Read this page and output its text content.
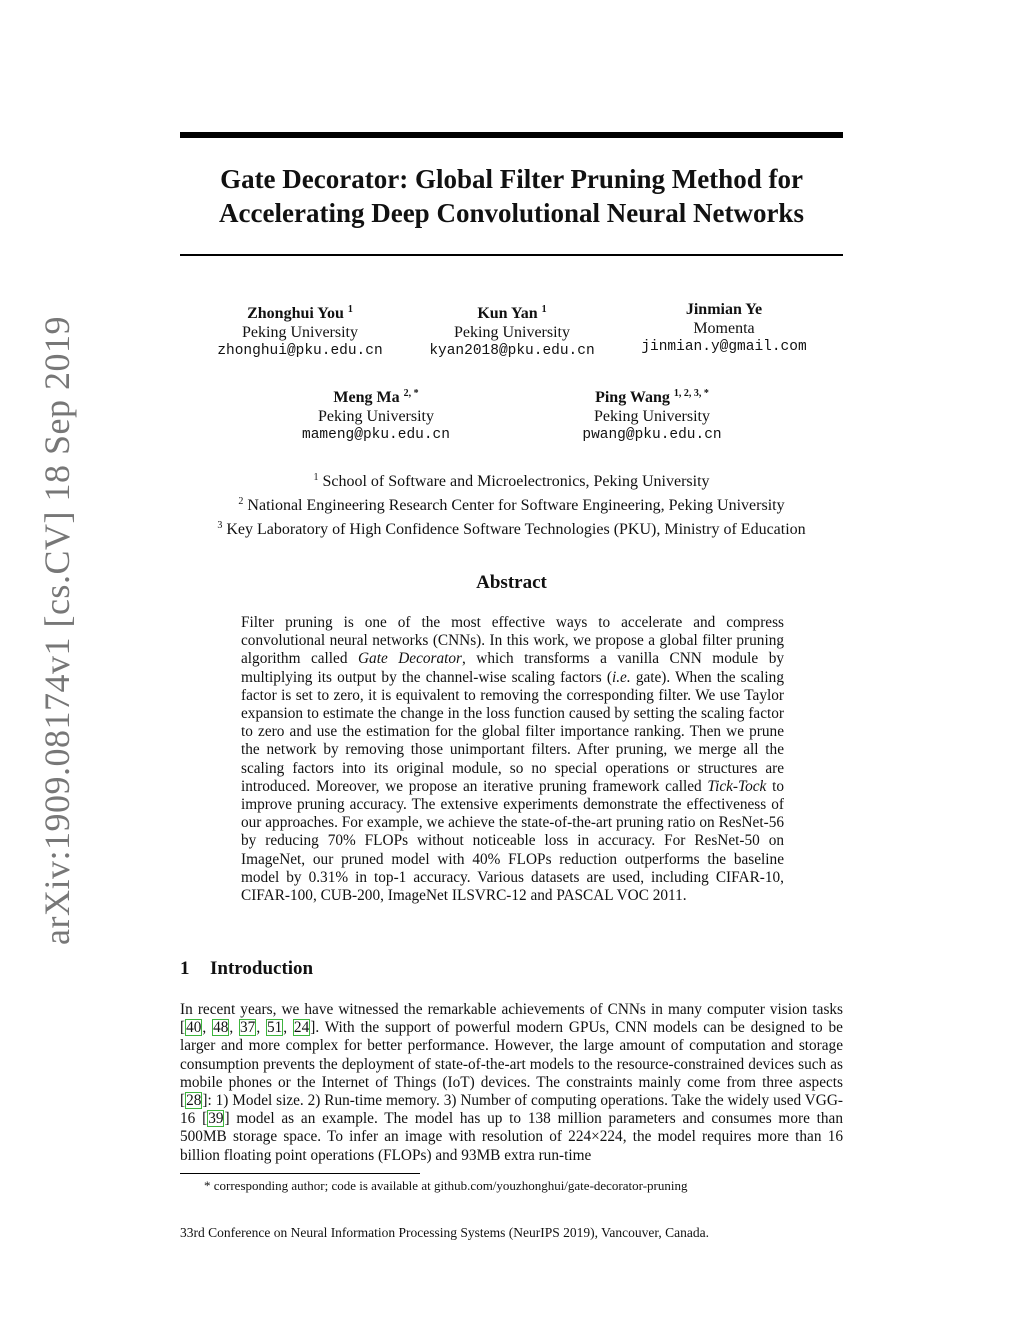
arXiv:1909.08174v1 [cs.CV] 18 Sep 2019
Gate Decorator: Global Filter Pruning Method for
Accelerating Deep Convolutional Neural Networks
Zhonghui You $^1$
Peking University
zhonghui@pku.edu.cn
Kun Yan $^1$
Peking University
kyan2018@pku.edu.cn
Jinmian Ye
Momenta
jinmian.y@gmail.com
Meng Ma $^{2, *}$
Peking University
mameng@pku.edu.cn
Ping Wang $^{1, 2, 3, *}$
Peking University
pwang@pku.edu.cn
$^1$ School of Software and Microelectronics, Peking University
$^2$ National Engineering Research Center for Software Engineering, Peking University
$^3$ Key Laboratory of High Confidence Software Technologies (PKU), Ministry of Education
Abstract
Filter pruning is one of the most effective ways to accelerate and compress convolutional neural networks (CNNs). In this work, we propose a global filter pruning algorithm called Gate Decorator, which transforms a vanilla CNN module by multiplying its output by the channel-wise scaling factors (i.e. gate). When the scaling factor is set to zero, it is equivalent to removing the corresponding filter. We use Taylor expansion to estimate the change in the loss function caused by setting the scaling factor to zero and use the estimation for the global filter importance ranking. Then we prune the network by removing those unimportant filters. After pruning, we merge all the scaling factors into its original module, so no special operations or structures are introduced. Moreover, we propose an iterative pruning framework called Tick-Tock to improve pruning accuracy. The extensive experiments demonstrate the effectiveness of our approaches. For example, we achieve the state-of-the-art pruning ratio on ResNet-56 by reducing 70% FLOPs without noticeable loss in accuracy. For ResNet-50 on ImageNet, our pruned model with 40% FLOPs reduction outperforms the baseline model by 0.31% in top-1 accuracy. Various datasets are used, including CIFAR-10, CIFAR-100, CUB-200, ImageNet ILSVRC-12 and PASCAL VOC 2011.
1 Introduction
In recent years, we have witnessed the remarkable achievements of CNNs in many computer vision tasks [40, 48, 37, 51, 24]. With the support of powerful modern GPUs, CNN models can be designed to be larger and more complex for better performance. However, the large amount of computation and storage consumption prevents the deployment of state-of-the-art models to the resource-constrained devices such as mobile phones or the Internet of Things (IoT) devices. The constraints mainly come from three aspects [28]: 1) Model size. 2) Run-time memory. 3) Number of computing operations. Take the widely used VGG-16 [39] model as an example. The model has up to 138 million parameters and consumes more than 500MB storage space. To infer an image with resolution of 224×224, the model requires more than 16 billion floating point operations (FLOPs) and 93MB extra run-time
* corresponding author; code is available at github.com/youzhonghui/gate-decorator-pruning
33rd Conference on Neural Information Processing Systems (NeurIPS 2019), Vancouver, Canada.
